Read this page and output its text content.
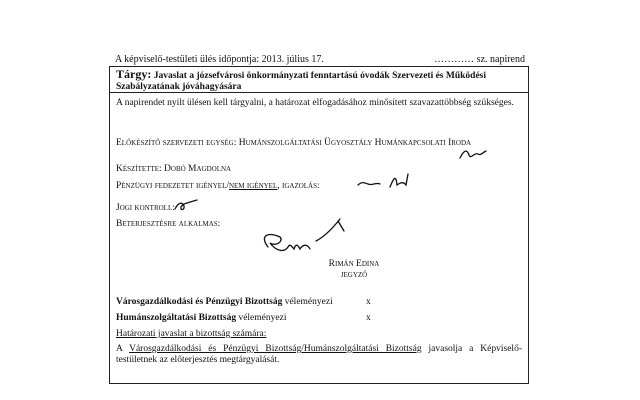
A képviselő-testületi ülés időpontja: 2013. július 17.	………… sz. napirend
Tárgy: Javaslat a józsefvárosi önkormányzati fenntartású óvodák Szervezeti és Működési Szabályzatának jóváhagyására
A napirendet nyilt ülésen kell tárgyalni, a határozat elfogadásához minősített szavazattöbbség szükséges.
Előkészítő szervezeti egység: Humánszolgáltatási Ügyosztály Humánkapcsolati Iroda
Készítette: Dobó Magdolna
Pénzügyi fedezetet igényel/nem igényel, igazolás:
Jogi kontroll:
Beterjesztésre alkalmas:
Rimán Edina
jegyző
Városgazdálkodási és Pénzügyi Bizottság véleményezi	x
Humánszolgáltatási Bizottság véleményezi	x
Határozati javaslat a bizottság számára:
A Városgazdálkodási és Pénzügyi Bizottság/Humánszolgáltatási Bizottság javasolja a Képviselő-testületnek az előterjesztés megtárgyalását.
